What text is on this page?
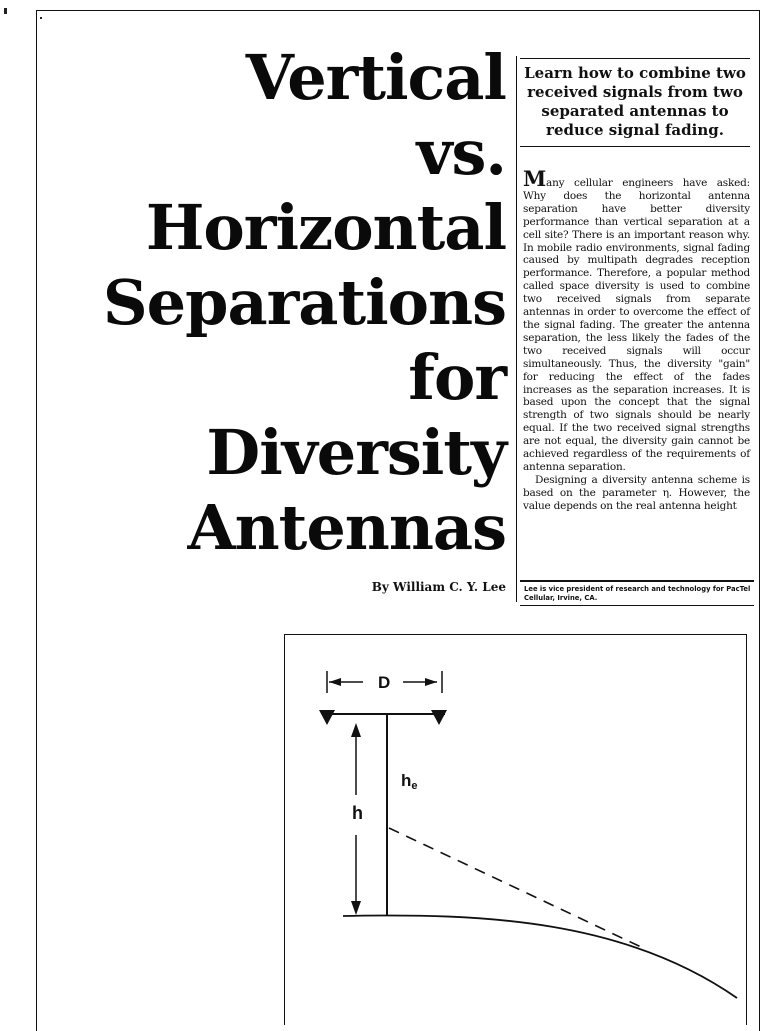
Vertical
vs.
Horizontal
Separations
for
Diversity
Antennas
By William C. Y. Lee
Learn how to combine two received signals from two separated antennas to reduce signal fading.

Many cellular engineers have asked: Why does the horizontal antenna separation have better diversity performance than vertical separation at a cell site? There is an important reason why. In mobile radio environments, signal fading caused by multipath degrades reception performance. Therefore, a popular method called space diversity is used to combine two received signals from separate antennas in order to overcome the effect of the signal fading. The greater the antenna separation, the less likely the fades of the two received signals will occur simultaneously. Thus, the diversity "gain" for reducing the effect of the fades increases as the separation increases. It is based upon the concept that the signal strength of two signals should be nearly equal. If the two received signal strengths are not equal, the diversity gain cannot be achieved regardless of the requirements of antenna separation.

Designing a diversity antenna scheme is based on the parameter η. However, the value depends on the real antenna height

Lee is vice president of research and technology for PacTel Cellular, Irvine, CA.
D
h
$h_e$
